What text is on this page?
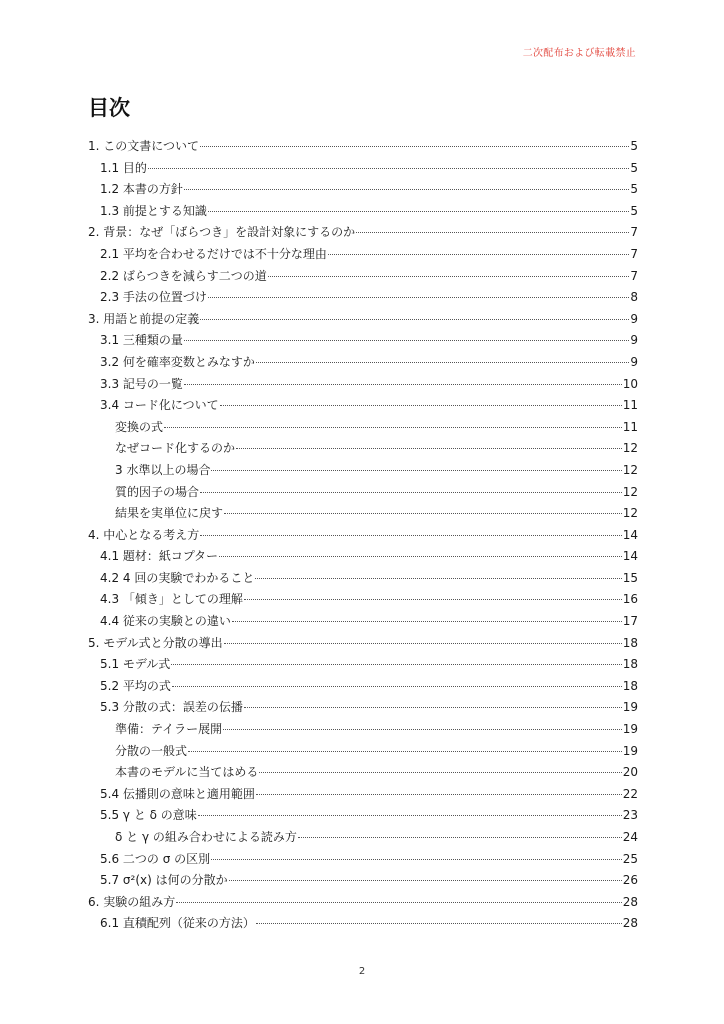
二次配布および転載禁止
目次
1. この文書について	5
1.1 目的	5
1.2 本書の方針	5
1.3 前提とする知識	5
2. 背景：なぜ「ばらつき」を設計対象にするのか	7
2.1 平均を合わせるだけでは不十分な理由	7
2.2 ばらつきを減らす二つの道	7
2.3 手法の位置づけ	8
3. 用語と前提の定義	9
3.1 三種類の量	9
3.2 何を確率変数とみなすか	9
3.3 記号の一覧	10
3.4 コード化について	11
変換の式	11
なぜコード化するのか	12
3 水準以上の場合	12
質的因子の場合	12
結果を実単位に戻す	12
4. 中心となる考え方	14
4.1 題材：紙コプター	14
4.2 4 回の実験でわかること	15
4.3 「傾き」としての理解	16
4.4 従来の実験との違い	17
5. モデル式と分散の導出	18
5.1 モデル式	18
5.2 平均の式	18
5.3 分散の式：誤差の伝播	19
準備：テイラー展開	19
分散の一般式	19
本書のモデルに当てはめる	20
5.4 伝播則の意味と適用範囲	22
5.5 γ と δ の意味	23
δ と γ の組み合わせによる読み方	24
5.6 二つの σ の区別	25
5.7 σ²(x) は何の分散か	26
6. 実験の組み方	28
6.1 直積配列（従来の方法）	28
2
